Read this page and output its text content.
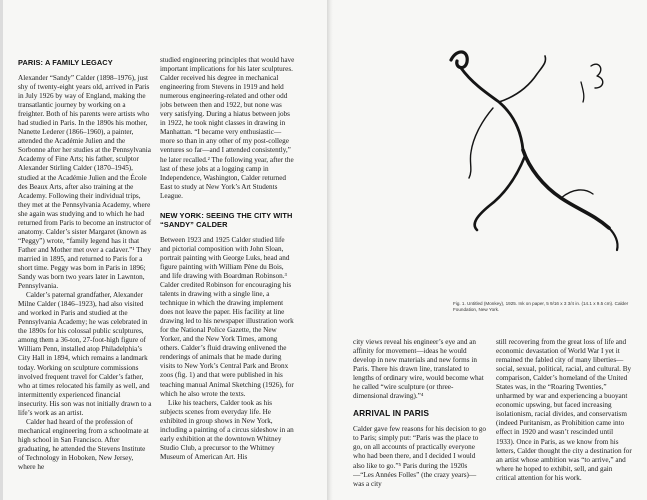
PARIS: A FAMILY LEGACY

Alexander “Sandy” Calder (1898–1976), just shy of twenty-eight years old, arrived in Paris in July 1926 by way of England, making the transatlantic journey by working on a freighter. Both of his parents were artists who had studied in Paris. In the 1890s his mother, Nanette Lederer (1866–1960), a painter, attended the Académie Julien and the Sorbonne after her studies at the Pennsylvania Academy of Fine Arts; his father, sculptor Alexander Stirling Calder (1870–1945), studied at the Académie Julien and the École des Beaux Arts, after also training at the Academy. Following their individual trips, they met at the Pennsylvania Academy, where she again was studying and to which he had returned from Paris to become an instructor of anatomy. Calder’s sister Margaret (known as “Peggy”) wrote, “family legend has it that Father and Mother met over a cadaver.”¹ They married in 1895, and returned to Paris for a short time. Peggy was born in Paris in 1896; Sandy was born two years later in Lawnton, Pennsylvania.

Calder’s paternal grandfather, Alexander Milne Calder (1846–1923), had also visited and worked in Paris and studied at the Pennsylvania Academy; he was celebrated in the 1890s for his colossal public sculptures, among them a 36-ton, 27-foot-high figure of William Penn, installed atop Philadelphia’s City Hall in 1894, which remains a landmark today. Working on sculpture commissions involved frequent travel for Calder’s father, who at times relocated his family as well, and intermittently experienced financial insecurity. His son was not initially drawn to a life’s work as an artist.

Calder had heard of the profession of mechanical engineering from a schoolmate at high school in San Francisco. After graduating, he attended the Stevens Institute of Technology in Hoboken, New Jersey, where he

studied engineering principles that would have important implications for his later sculptures. Calder received his degree in mechanical engineering from Stevens in 1919 and held numerous engineering-related and other odd jobs between then and 1922, but none was very satisfying. During a hiatus between jobs in 1922, he took night classes in drawing in Manhattan. “I became very enthusiastic—more so than in any other of my post-college ventures so far—and I attended consistently,” he later recalled.² The following year, after the last of these jobs at a logging camp in Independence, Washington, Calder returned East to study at New York’s Art Students League.

NEW YORK: SEEING THE CITY WITH “SANDY” CALDER

Between 1923 and 1925 Calder studied life and pictorial composition with John Sloan, portrait painting with George Luks, head and figure painting with William Pène du Bois, and life drawing with Boardman Robinson.³ Calder credited Robinson for encouraging his talents in drawing with a single line, a technique in which the drawing implement does not leave the paper. His facility at line drawing led to his newspaper illustration work for the National Police Gazette, the New Yorker, and the New York Times, among others. Calder’s fluid drawing enlivened the renderings of animals that he made during visits to New York’s Central Park and Bronx zoos (fig. 1) and that were published in his teaching manual Animal Sketching (1926), for which he also wrote the texts.

Like his teachers, Calder took as his subjects scenes from everyday life. He exhibited in group shows in New York, including a painting of a circus sideshow in an early exhibition at the downtown Whitney Studio Club, a precursor to the Whitney Museum of American Art. His

Fig. 1. Untitled (Monkey), 1925. Ink on paper, 5 9/16 x 3 3/4 in. (14.1 x 9.5 cm). Calder Foundation, New York.

city views reveal his engineer’s eye and an affinity for movement—ideas he would develop in new materials and new forms in Paris. There his drawn line, translated to lengths of ordinary wire, would become what he called “wire sculpture (or three-dimensional drawing).”⁴

ARRIVAL IN PARIS

Calder gave few reasons for his decision to go to Paris; simply put: “Paris was the place to go, on all accounts of practically everyone who had been there, and I decided I would also like to go.”⁵ Paris during the 1920s—“Les Années Folles” (the crazy years)—was a city

still recovering from the great loss of life and economic devastation of World War I yet it remained the fabled city of many liberties—social, sexual, political, racial, and cultural. By comparison, Calder’s homeland of the United States was, in the “Roaring Twenties,” unharmed by war and experiencing a buoyant economic upswing, but faced increasing isolationism, racial divides, and conservatism (indeed Puritanism, as Prohibition came into effect in 1920 and wasn’t rescinded until 1933). Once in Paris, as we know from his letters, Calder thought the city a destination for an artist whose ambition was “to arrive,” and where he hoped to exhibit, sell, and gain critical attention for his work.
